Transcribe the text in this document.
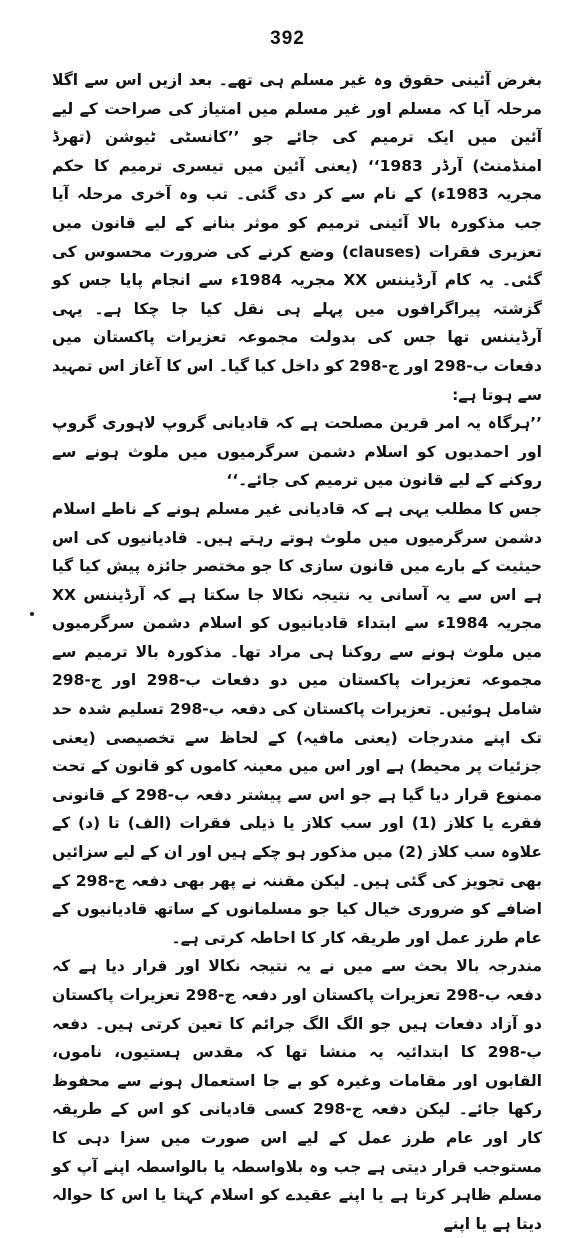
392

بغرض آئینی حقوق وہ غیر مسلم ہی تھے۔ بعد ازیں اس سے اگلا مرحلہ آیا کہ مسلم اور غیر مسلم میں امتیاز کی صراحت کے لیے آئین میں ایک ترمیم کی جائے جو ’’کانسٹی ٹیوشن (تھرڈ امنڈمنٹ) آرڈر 1983‘‘ (یعنی آئین میں تیسری ترمیم کا حکم مجریہ 1983ء) کے نام سے کر دی گئی۔ تب وہ آخری مرحلہ آیا جب مذکورہ بالا آئینی ترمیم کو موثر بنانے کے لیے قانون میں تعزیری فقرات (clauses) وضع کرنے کی ضرورت محسوس کی گئی۔ یہ کام آرڈیننس XX مجریہ 1984ء سے انجام پایا جس کو گزشتہ پیراگرافوں میں پہلے ہی نقل کیا جا چکا ہے۔ یہی آرڈیننس تھا جس کی بدولت مجموعہ تعزیرات پاکستان میں دفعات ب-298 اور ج-298 کو داخل کیا گیا۔ اس کا آغاز اس تمہید سے ہوتا ہے:

’’ہرگاہ یہ امر قرین مصلحت ہے کہ قادیانی گروپ لاہوری گروپ اور احمدیوں کو اسلام دشمن سرگرمیوں میں ملوث ہونے سے روکنے کے لیے قانون میں ترمیم کی جائے۔‘‘

جس کا مطلب یہی ہے کہ قادیانی غیر مسلم ہونے کے ناطے اسلام دشمن سرگرمیوں میں ملوث ہوتے رہتے ہیں۔ قادیانیوں کی اس حیثیت کے بارے میں قانون سازی کا جو مختصر جائزہ پیش کیا گیا ہے اس سے یہ آسانی یہ نتیجہ نکالا جا سکتا ہے کہ آرڈیننس XX مجریہ 1984ء سے ابتداء قادیانیوں کو اسلام دشمن سرگرمیوں میں ملوث ہونے سے روکنا ہی مراد تھا۔ مذکورہ بالا ترمیم سے مجموعہ تعزیرات پاکستان میں دو دفعات ب-298 اور ج-298 شامل ہوئیں۔ تعزیرات پاکستان کی دفعہ ب-298 تسلیم شدہ حد تک اپنے مندرجات (یعنی مافیہ) کے لحاظ سے تخصیصی (یعنی جزئیات پر محیط) ہے اور اس میں معینہ کاموں کو قانون کے تحت ممنوع قرار دیا گیا ہے جو اس سے پیشتر دفعہ ب-298 کے قانونی فقرے یا کلاز (1) اور سب کلاز یا ذیلی فقرات (الف) تا (د) کے علاوہ سب کلاز (2) میں مذکور ہو چکے ہیں اور ان کے لیے سزائیں بھی تجویز کی گئی ہیں۔ لیکن مقننہ نے پھر بھی دفعہ ج-298 کے اضافے کو ضروری خیال کیا جو مسلمانوں کے ساتھ قادیانیوں کے عام طرز عمل اور طریقہ کار کا احاطہ کرتی ہے۔

مندرجہ بالا بحث سے میں نے یہ نتیجہ نکالا اور قرار دیا ہے کہ دفعہ ب-298 تعزیرات پاکستان اور دفعہ ج-298 تعزیرات پاکستان دو آزاد دفعات ہیں جو الگ الگ جرائم کا تعین کرتی ہیں۔ دفعہ ب-298 کا ابتدائیہ یہ منشا تھا کہ مقدس ہستیوں، ناموں، القابوں اور مقامات وغیرہ کو بے جا استعمال ہونے سے محفوظ رکھا جائے۔ لیکن دفعہ ج-298 کسی قادیانی کو اس کے طریقہ کار اور عام طرز عمل کے لیے اس صورت میں سزا دہی کا مستوجب قرار دیتی ہے جب وہ بلاواسطہ یا بالواسطہ اپنے آپ کو مسلم ظاہر کرتا ہے یا اپنے عقیدے کو اسلام کہتا یا اس کا حوالہ دیتا ہے یا اپنے
